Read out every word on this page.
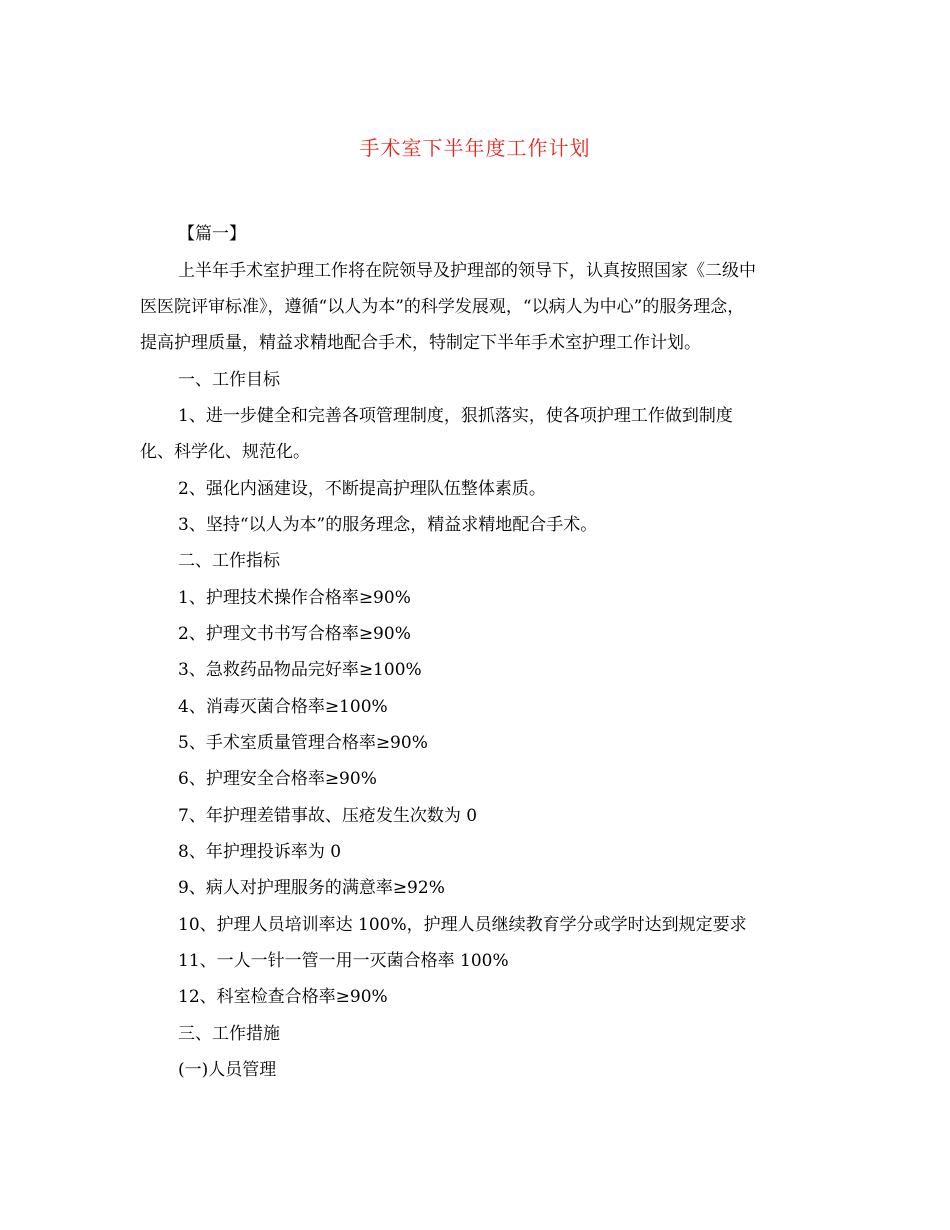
手术室下半年度工作计划
【篇一】
上半年手术室护理工作将在院领导及护理部的领导下，认真按照国家《二级中
医医院评审标准》，遵循“以人为本”的科学发展观，“以病人为中心”的服务理念，
提高护理质量，精益求精地配合手术，特制定下半年手术室护理工作计划。
一、工作目标
1、进一步健全和完善各项管理制度，狠抓落实，使各项护理工作做到制度
化、科学化、规范化。
2、强化内涵建设，不断提高护理队伍整体素质。
3、坚持“以人为本”的服务理念，精益求精地配合手术。
二、工作指标
1、护理技术操作合格率≥90%
2、护理文书书写合格率≥90%
3、急救药品物品完好率≥100%
4、消毒灭菌合格率≥100%
5、手术室质量管理合格率≥90%
6、护理安全合格率≥90%
7、年护理差错事故、压疮发生次数为 0
8、年护理投诉率为 0
9、病人对护理服务的满意率≥92%
10、护理人员培训率达 100%，护理人员继续教育学分或学时达到规定要求
11、一人一针一管一用一灭菌合格率 100%
12、科室检查合格率≥90%
三、工作措施
(一)人员管理
